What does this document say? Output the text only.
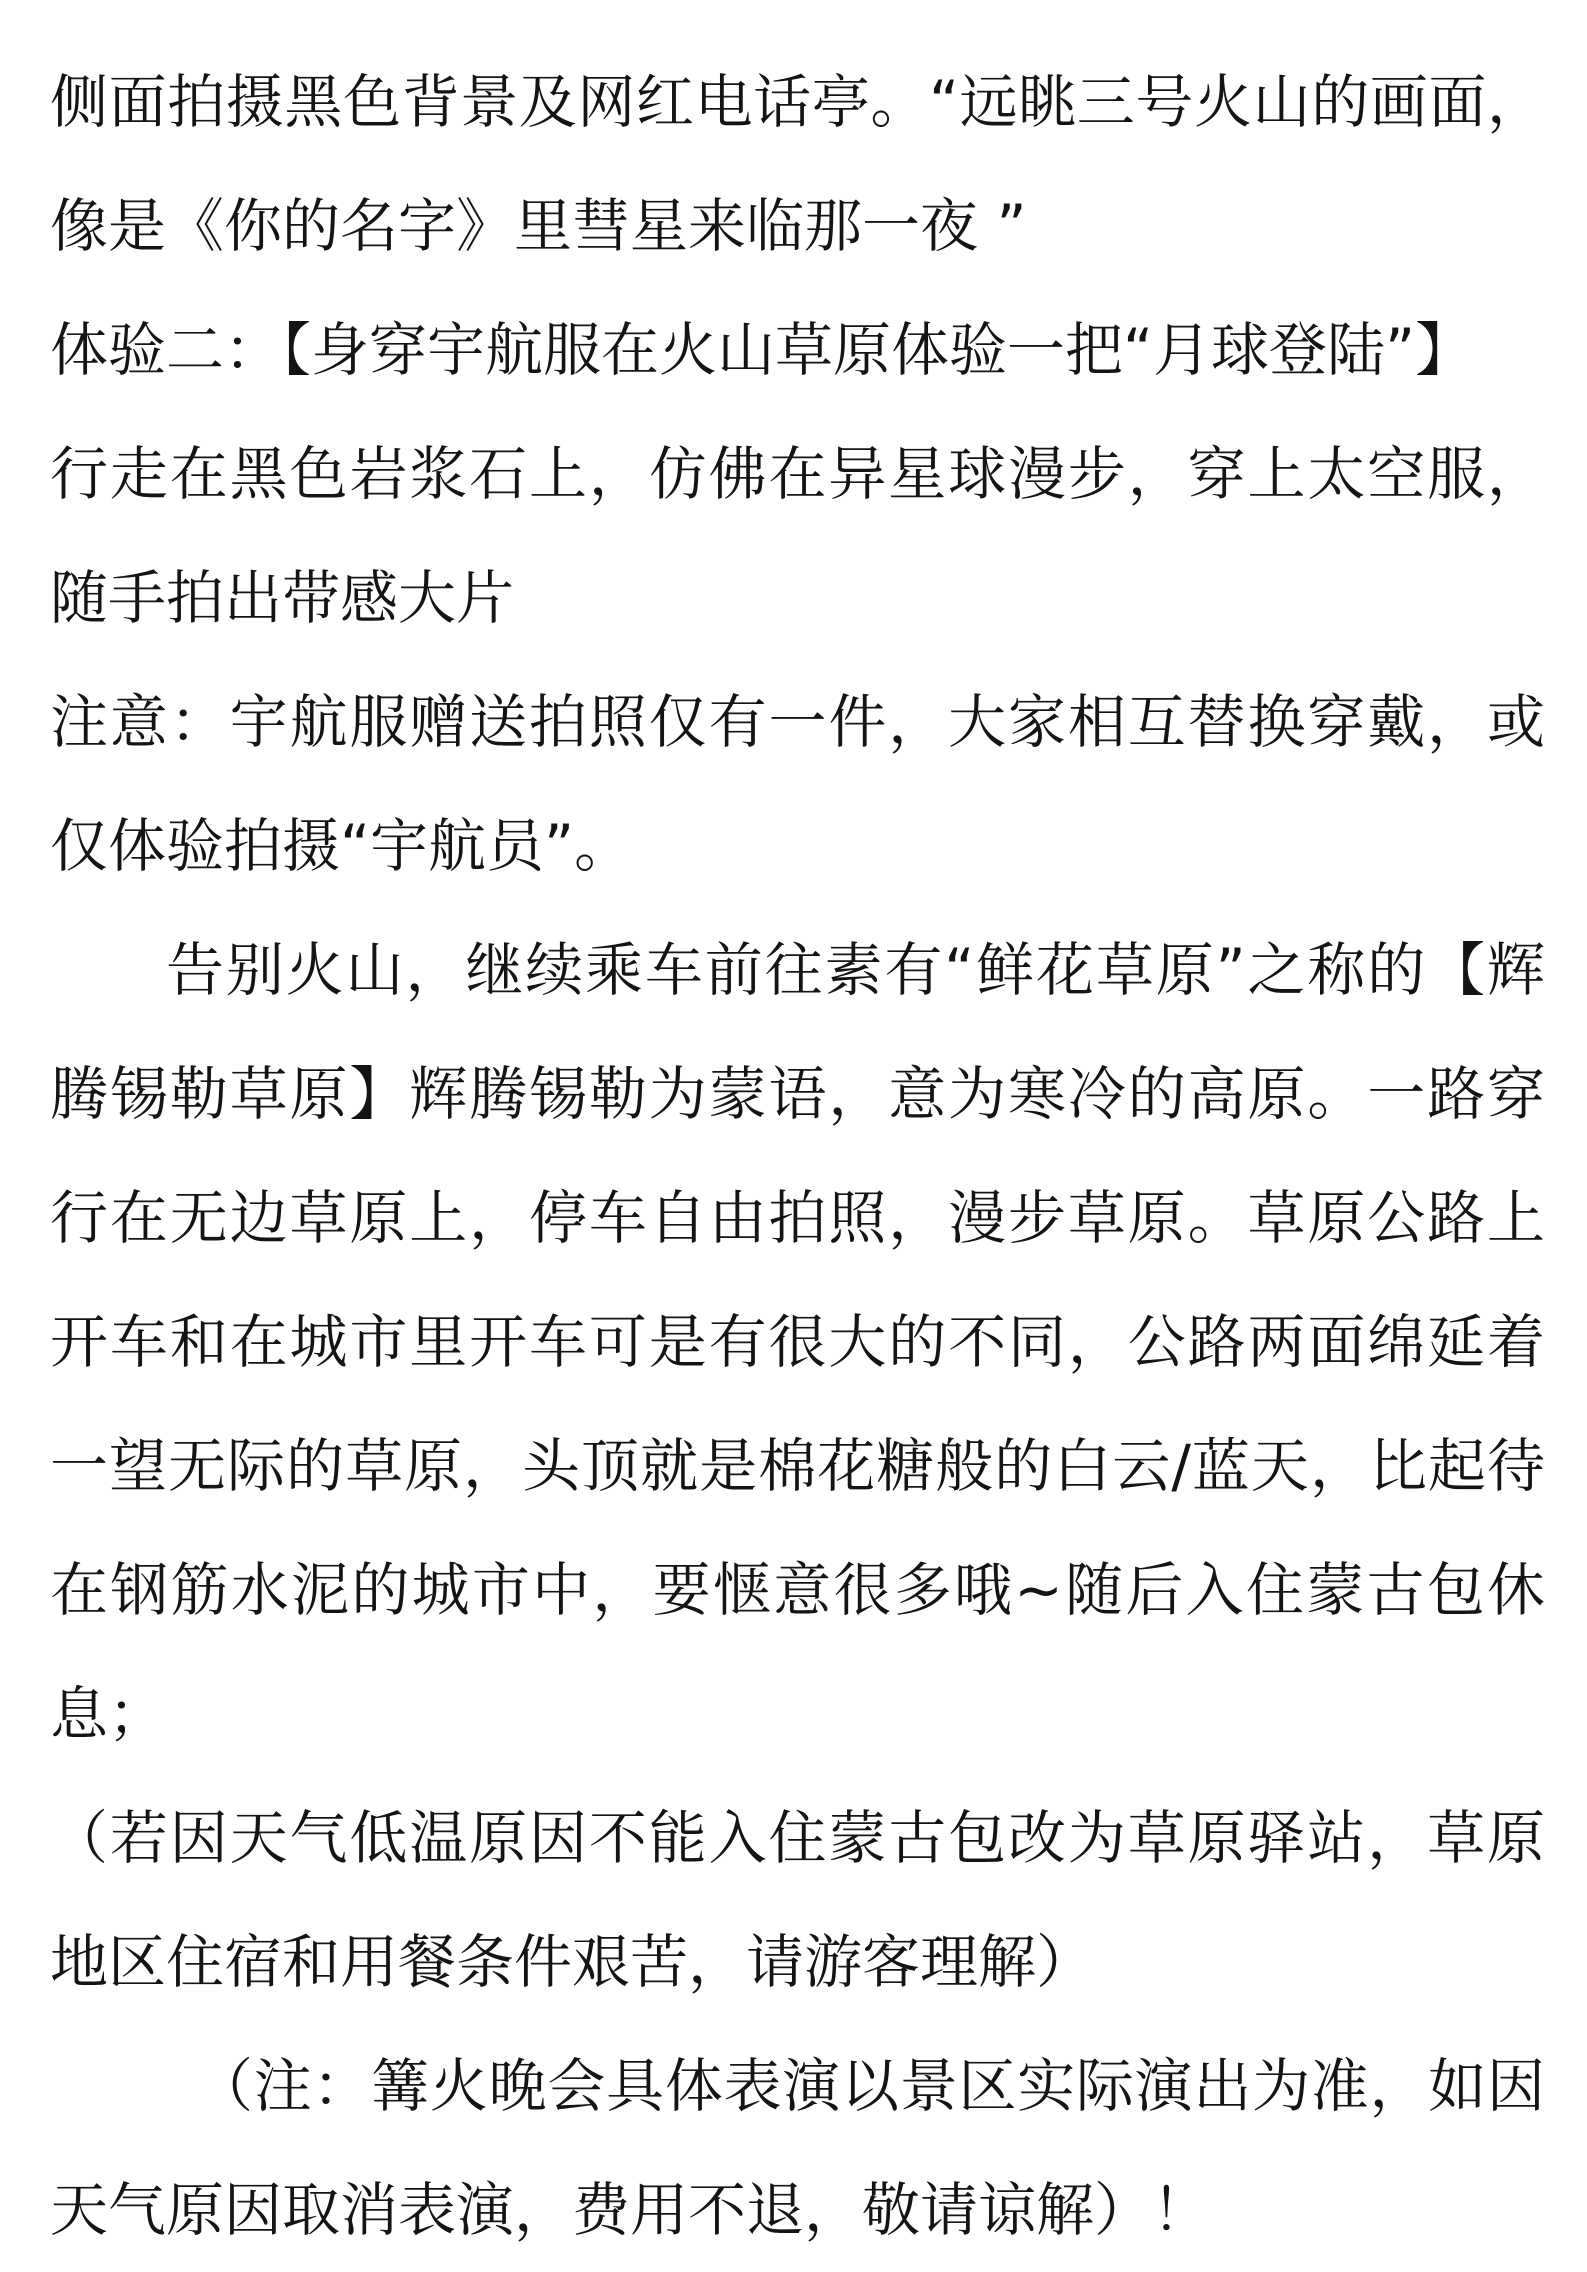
侧面拍摄黑色背景及网红电话亭。“远眺三号火山的画面，像是《你的名字》里彗星来临那一夜 ”

体验二：【身穿宇航服在火山草原体验一把“月球登陆”】

行走在黑色岩浆石上，仿佛在异星球漫步，穿上太空服，随手拍出带感大片

注意：宇航服赠送拍照仅有一件，大家相互替换穿戴，或仅体验拍摄“宇航员”。

告别火山，继续乘车前往素有“鲜花草原”之称的【辉腾锡勒草原】辉腾锡勒为蒙语，意为寒冷的高原。一路穿行在无边草原上，停车自由拍照，漫步草原。草原公路上开车和在城市里开车可是有很大的不同，公路两面绵延着一望无际的草原，头顶就是棉花糖般的白云/蓝天，比起待在钢筋水泥的城市中，要惬意很多哦~随后入住蒙古包休息；

（若因天气低温原因不能入住蒙古包改为草原驿站，草原地区住宿和用餐条件艰苦，请游客理解）

（注：篝火晚会具体表演以景区实际演出为准，如因天气原因取消表演，费用不退，敬请谅解）！
